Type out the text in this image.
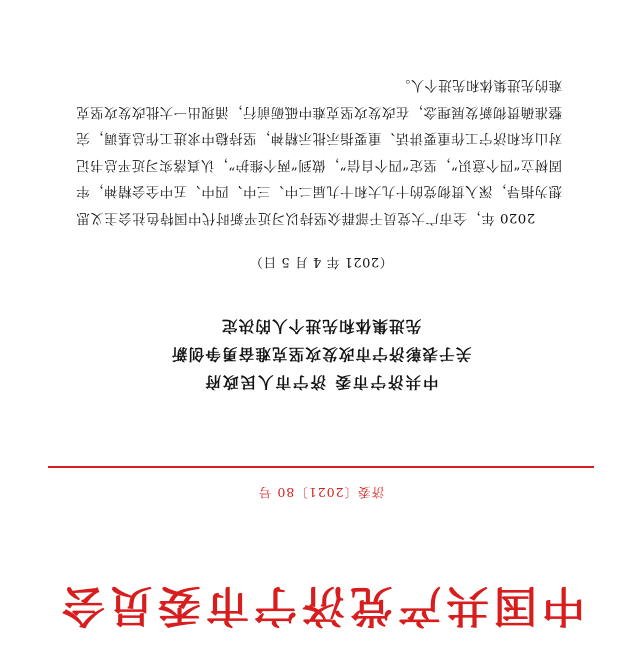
中国共产党济宁市委员会
济委〔2021〕80 号
中共济宁市委 济宁市人民政府
关于表彰济宁市改发攻坚克难奋勇争创新
先进集体和先进个人的决定
（2021 年 4 月 5 日）

2020 年，全市广大党员干部群众坚持以习近平新时代中国特色社会主义思想为指导，深入贯彻党的十九大和十九届二中、三中、四中、五中全会精神，牢固树立“四个意识”，坚定“四个自信”，做到“两个维护”，认真落实习近平总书记对山东和济宁工作重要讲话、重要指示批示精神，坚持稳中求进工作总基调，完整准确贯彻新发展理念，在改发攻坚克难中砥砺前行，涌现出一大批改发攻坚克难的先进集体和先进个人。
